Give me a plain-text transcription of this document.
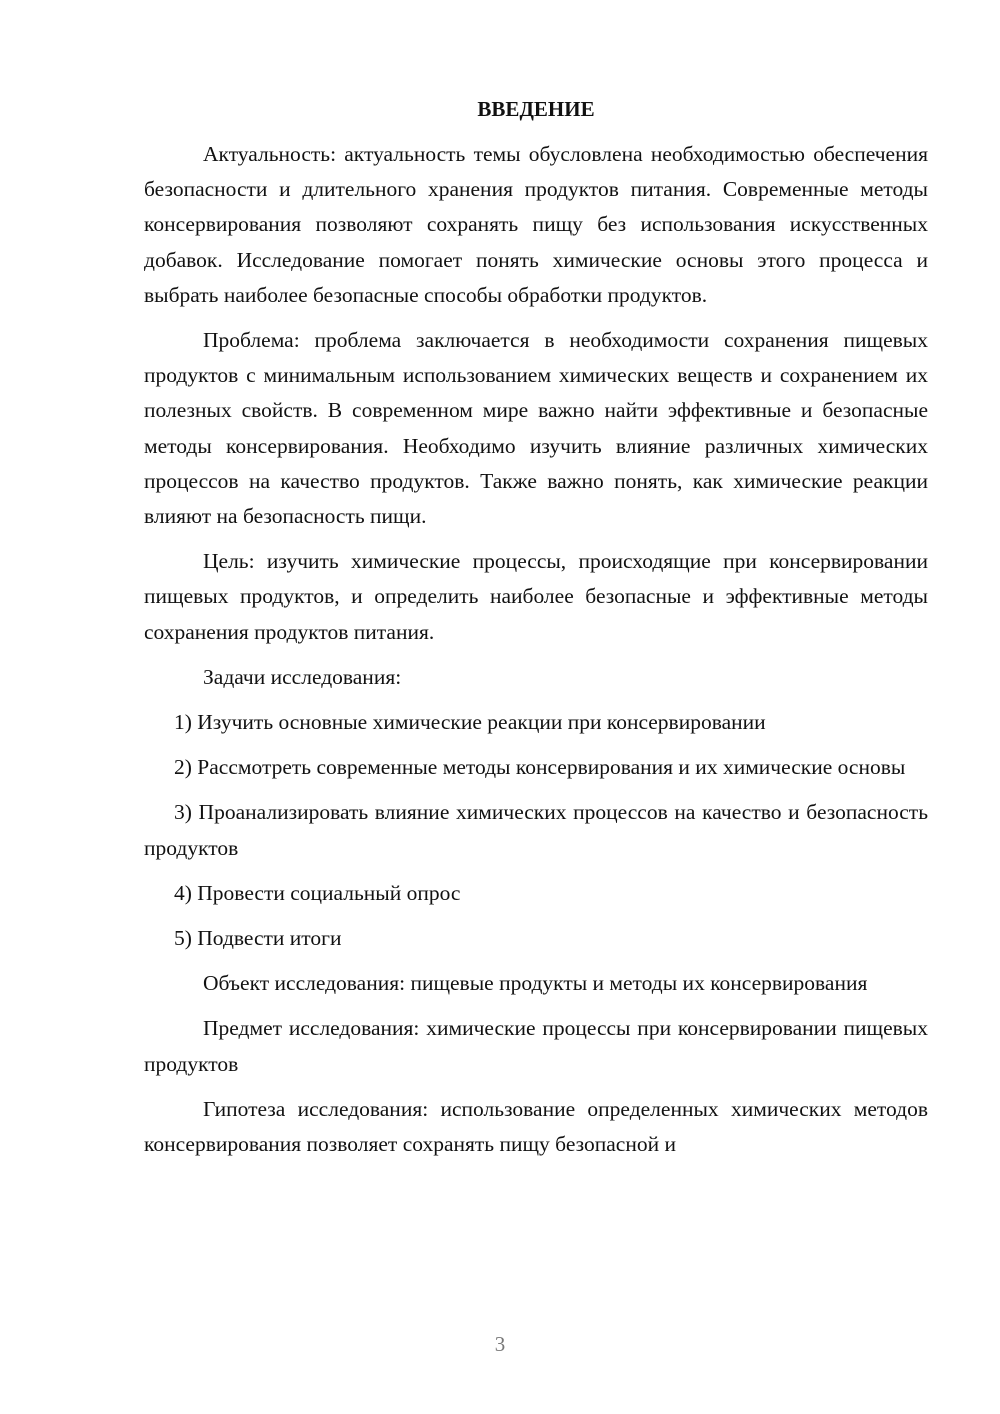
ВВЕДЕНИЕ

Актуальность: актуальность темы обусловлена необходимостью обеспечения безопасности и длительного хранения продуктов питания. Современные методы консервирования позволяют сохранять пищу без использования искусственных добавок. Исследование помогает понять химические основы этого процесса и выбрать наиболее безопасные способы обработки продуктов.

Проблема: проблема заключается в необходимости сохранения пищевых продуктов с минимальным использованием химических веществ и сохранением их полезных свойств. В современном мире важно найти эффективные и безопасные методы консервирования. Необходимо изучить влияние различных химических процессов на качество продуктов. Также важно понять, как химические реакции влияют на безопасность пищи.

Цель: изучить химические процессы, происходящие при консервировании пищевых продуктов, и определить наиболее безопасные и эффективные методы сохранения продуктов питания.

Задачи исследования:

1) Изучить основные химические реакции при консервировании

2) Рассмотреть современные методы консервирования и их химические основы

3) Проанализировать влияние химических процессов на качество и безопасность продуктов

4) Провести социальный опрос

5) Подвести итоги

Объект исследования: пищевые продукты и методы их консервирования

Предмет исследования: химические процессы при консервировании пищевых продуктов

Гипотеза исследования: использование определенных химических методов консервирования позволяет сохранять пищу безопасной и

3
